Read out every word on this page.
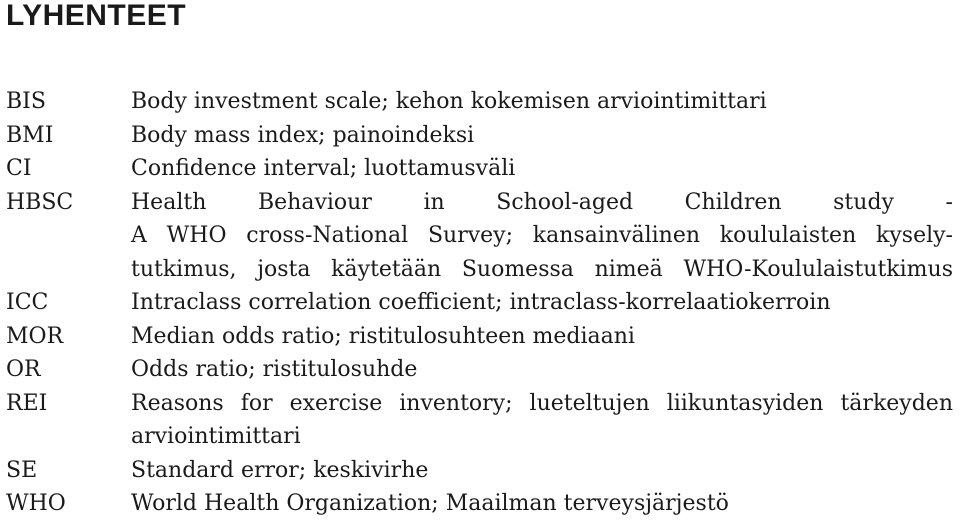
LYHENTEET
BIS	Body investment scale; kehon kokemisen arviointimittari
BMI	Body mass index; painoindeksi
CI	Confidence interval; luottamusväli
HBSC	Health Behaviour in School-aged Children study -
A WHO cross-National Survey; kansainvälinen koululaisten kysely-
tutkimus, josta käytetään Suomessa nimeä WHO-Koululaistutkimus
ICC	Intraclass correlation coefficient; intraclass-korrelaatiokerroin
MOR	Median odds ratio; ristitulosuhteen mediaani
OR	Odds ratio; ristitulosuhde
REI	Reasons for exercise inventory; lueteltujen liikuntasyiden tärkeyden
arviointimittari
SE	Standard error; keskivirhe
WHO	World Health Organization; Maailman terveysjärjestö
